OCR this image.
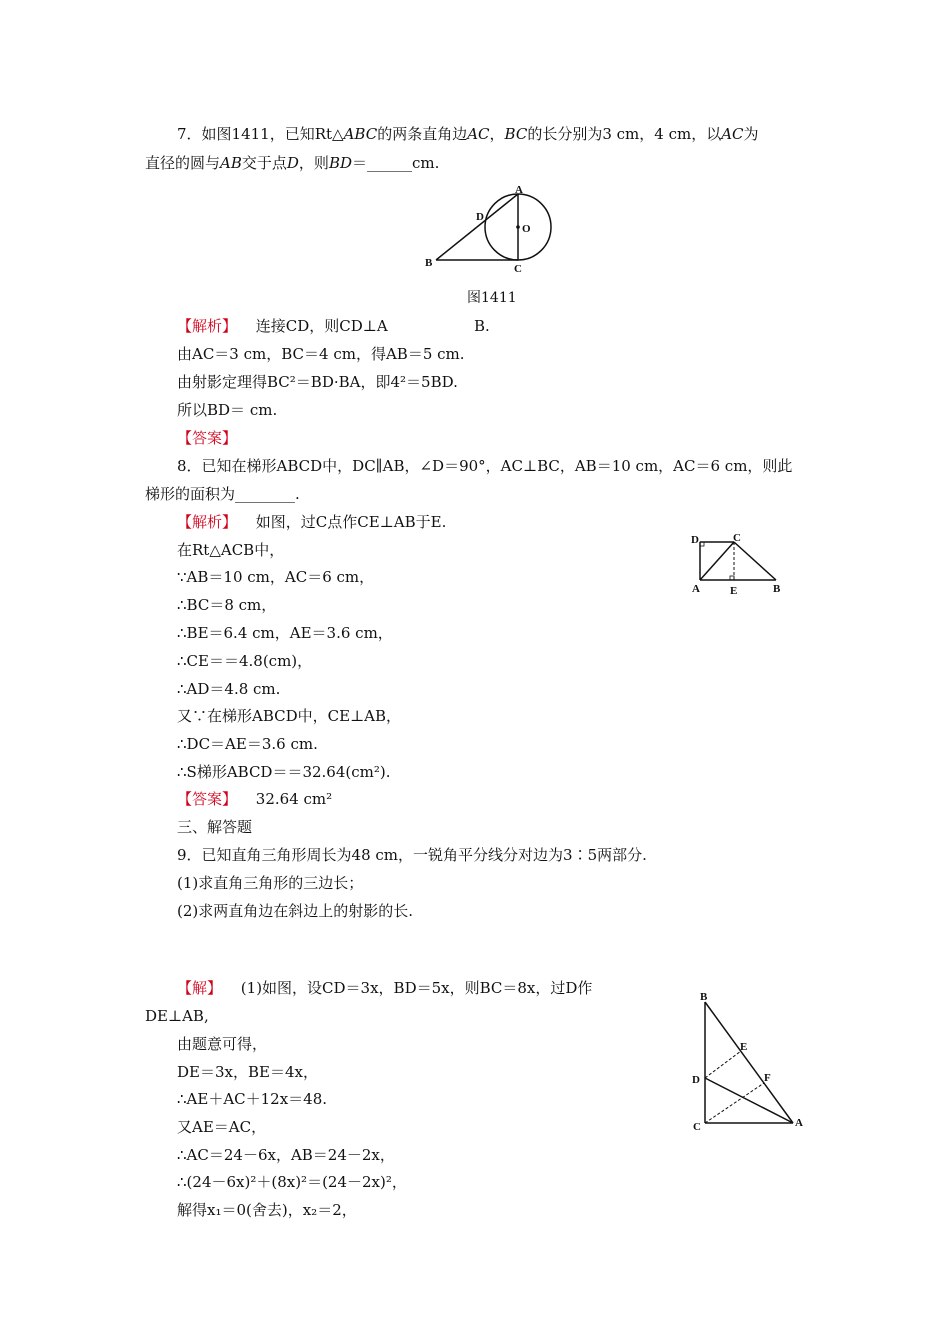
7．如图1411，已知Rt△ABC的两条直角边AC，BC的长分别为3 cm，4 cm，以AC为
直径的圆与AB交于点D，则BD＝______cm.
A
D
O
B	C
图1411
【解析】 连接CD，则CD⊥A	B.
由AC＝3 cm，BC＝4 cm，得AB＝5 cm.
由射影定理得BC²＝BD·BA，即4²＝5BD.
所以BD＝ cm.
【答案】
8．已知在梯形ABCD中，DC∥AB，∠D＝90°，AC⊥BC，AB＝10 cm，AC＝6 cm，则此
梯形的面积为________.
【解析】 如图，过C点作CE⊥AB于E.
在Rt△ACB中，
∵AB＝10 cm，AC＝6 cm，
∴BC＝8 cm，
∴BE＝6.4 cm，AE＝3.6 cm，
∴CE＝＝4.8(cm)，
∴AD＝4.8 cm.
又∵在梯形ABCD中，CE⊥AB，
∴DC＝AE＝3.6 cm.
∴S梯形ABCD＝＝32.64(cm²).
【答案】 32.64 cm²
D	C
A	E	B
三、解答题
9．已知直角三角形周长为48 cm，一锐角平分线分对边为3∶5两部分.
(1)求直角三角形的三边长；
(2)求两直角边在斜边上的射影的长.
【解】 (1)如图，设CD＝3x，BD＝5x，则BC＝8x，过D作
DE⊥AB,
由题意可得，
DE＝3x，BE＝4x，
∴AE＋AC＋12x＝48.
又AE＝AC，
∴AC＝24－6x，AB＝24－2x，
∴(24－6x)²＋(8x)²＝(24－2x)²，
解得x₁＝0(舍去)，x₂＝2，
B
E
F
D
C	A
